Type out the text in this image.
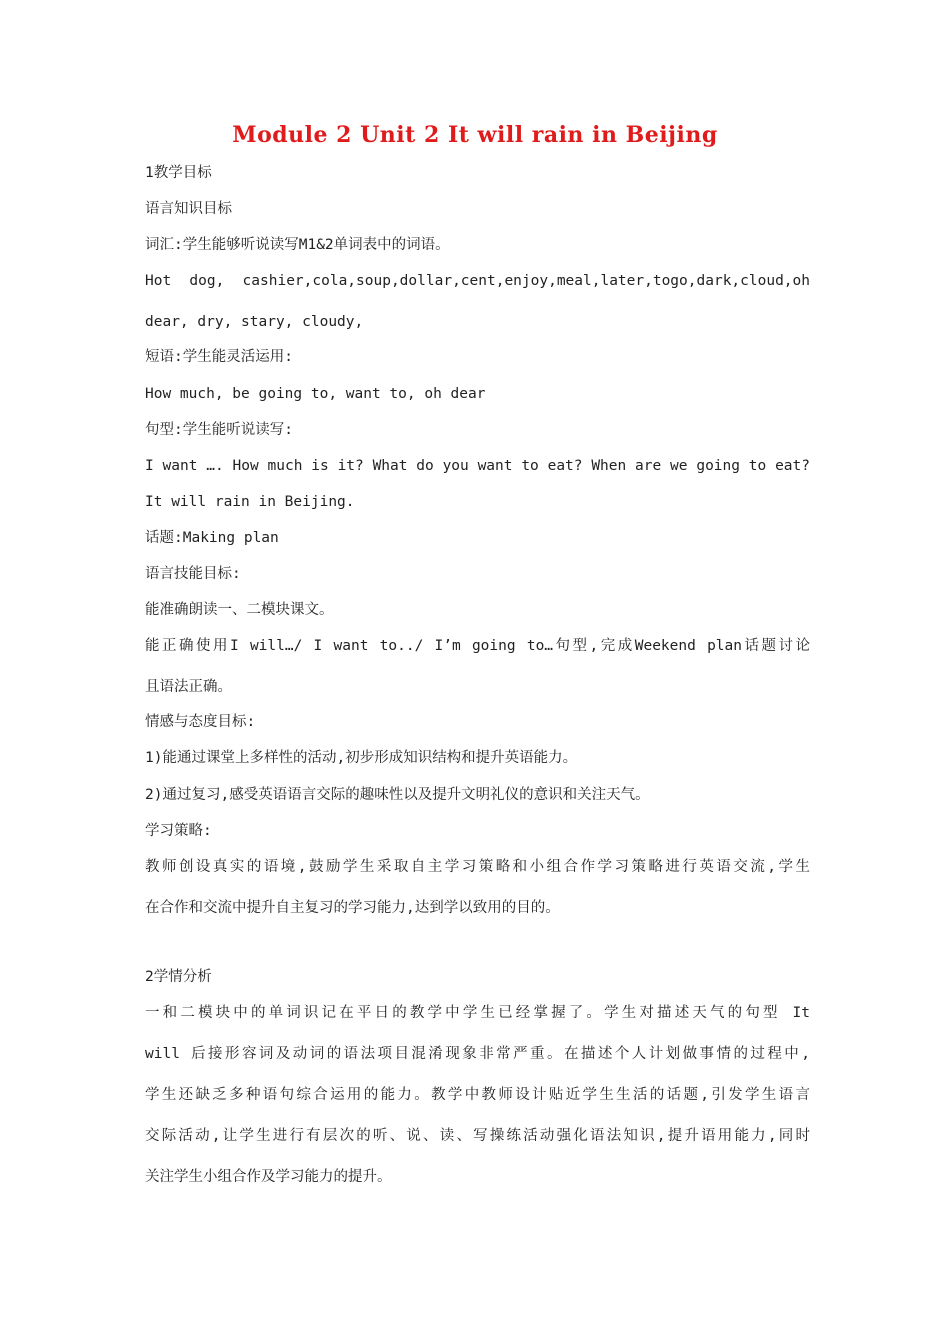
Module 2 Unit 2 It will rain in Beijing
1教学目标
语言知识目标
词汇:学生能够听说读写M1&2单词表中的词语。
Hot dog, cashier,cola,soup,dollar,cent,enjoy,meal,later,togo,dark,cloud,oh
dear, dry, stary, cloudy,
短语:学生能灵活运用:
How much, be going to, want to, oh dear
句型:学生能听说读写:
I want …. How much is it? What do you want to eat? When are we going to eat?
It will rain in Beijing.
话题:Making plan
语言技能目标:
能准确朗读一、二模块课文。
能正确使用I will…/ I want to../ I’m going to…句型,完成Weekend plan话题讨论
且语法正确。
情感与态度目标:
1)能通过课堂上多样性的活动,初步形成知识结构和提升英语能力。
2)通过复习,感受英语语言交际的趣味性以及提升文明礼仪的意识和关注天气。
学习策略:
教师创设真实的语境,鼓励学生采取自主学习策略和小组合作学习策略进行英语交流,学生
在合作和交流中提升自主复习的学习能力,达到学以致用的目的。
2学情分析
一和二模块中的单词识记在平日的教学中学生已经掌握了。学生对描述天气的句型 It
will 后接形容词及动词的语法项目混淆现象非常严重。在描述个人计划做事情的过程中,
学生还缺乏多种语句综合运用的能力。教学中教师设计贴近学生生活的话题,引发学生语言
交际活动,让学生进行有层次的听、说、读、写操练活动强化语法知识,提升语用能力,同时
关注学生小组合作及学习能力的提升。
